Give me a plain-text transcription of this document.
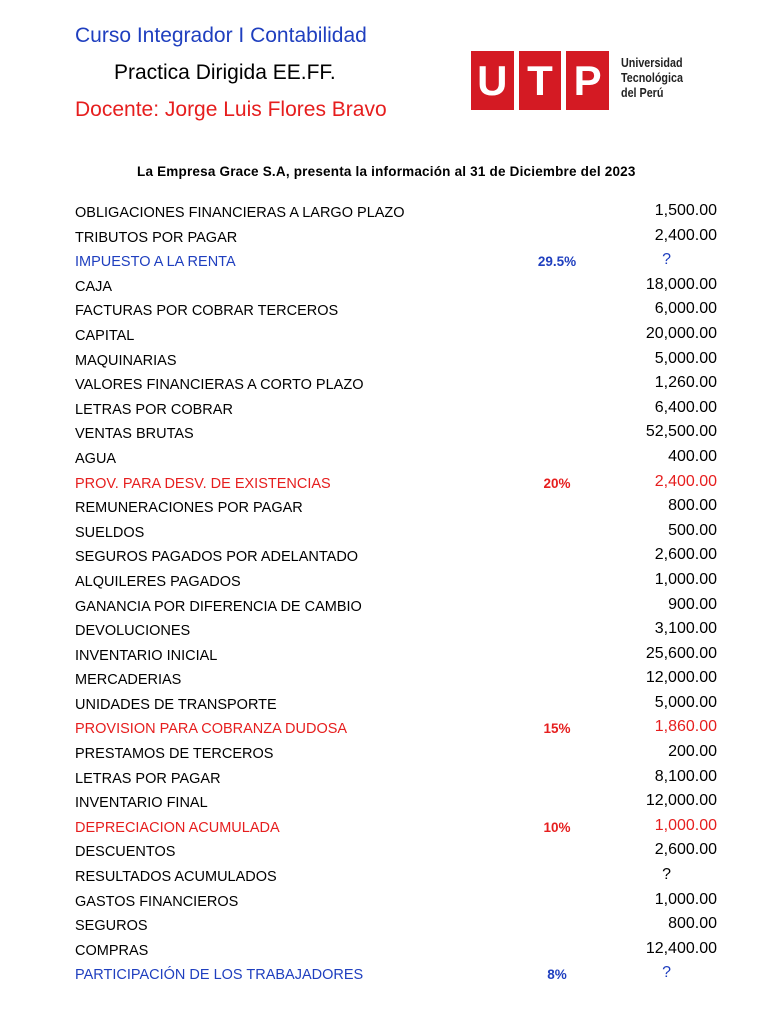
Curso Integrador I Contabilidad
Practica Dirigida EE.FF.
Docente: Jorge Luis Flores Bravo
U T P	Universidad
Tecnológica
del Perú
La Empresa Grace S.A, presenta la información al 31 de Diciembre del 2023
OBLIGACIONES FINANCIERAS A LARGO PLAZO	1,500.00
TRIBUTOS POR PAGAR	2,400.00
IMPUESTO A LA RENTA	29.5%	?
CAJA	18,000.00
FACTURAS POR COBRAR TERCEROS	6,000.00
CAPITAL	20,000.00
MAQUINARIAS	5,000.00
VALORES FINANCIERAS A CORTO PLAZO	1,260.00
LETRAS POR COBRAR	6,400.00
VENTAS BRUTAS	52,500.00
AGUA	400.00
PROV. PARA DESV. DE EXISTENCIAS	20%	2,400.00
REMUNERACIONES POR PAGAR	800.00
SUELDOS	500.00
SEGUROS PAGADOS POR ADELANTADO	2,600.00
ALQUILERES PAGADOS	1,000.00
GANANCIA POR DIFERENCIA DE CAMBIO	900.00
DEVOLUCIONES	3,100.00
INVENTARIO INICIAL	25,600.00
MERCADERIAS	12,000.00
UNIDADES DE TRANSPORTE	5,000.00
PROVISION PARA COBRANZA DUDOSA	15%	1,860.00
PRESTAMOS DE TERCEROS	200.00
LETRAS POR PAGAR	8,100.00
INVENTARIO FINAL	12,000.00
DEPRECIACION ACUMULADA	10%	1,000.00
DESCUENTOS	2,600.00
RESULTADOS ACUMULADOS	?
GASTOS FINANCIEROS	1,000.00
SEGUROS	800.00
COMPRAS	12,400.00
PARTICIPACIÓN DE LOS TRABAJADORES	8%	?
